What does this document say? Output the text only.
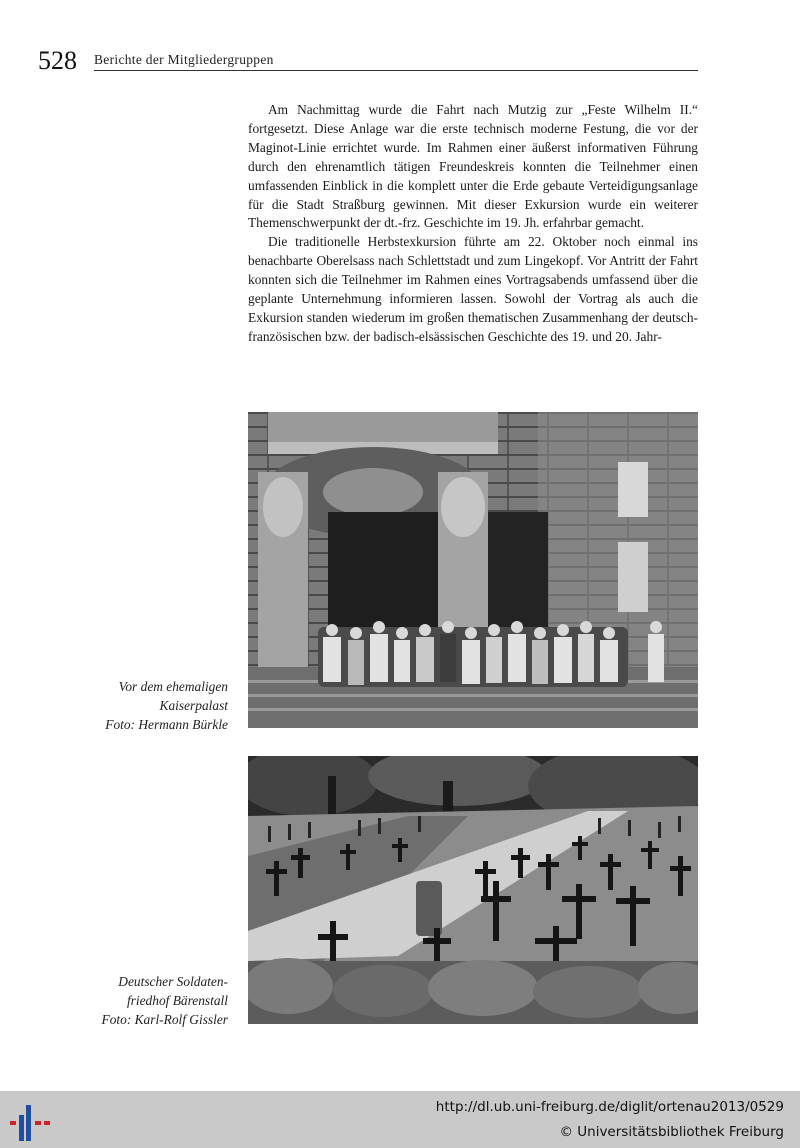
528 Berichte der Mitgliedergruppen

Am Nachmittag wurde die Fahrt nach Mutzig zur „Feste Wilhelm II.“ fortgesetzt. Diese Anlage war die erste technisch moderne Festung, die vor der Maginot-Linie errichtet wurde. Im Rahmen einer äußerst informativen Führung durch den ehrenamtlich tätigen Freundeskreis konnten die Teilnehmer einen umfassenden Einblick in die komplett unter die Erde gebaute Verteidigungsanlage für die Stadt Straßburg gewinnen. Mit dieser Exkursion wurde ein weiterer Themenschwerpunkt der dt.-frz. Geschichte im 19. Jh. erfahrbar gemacht.

Die traditionelle Herbstexkursion führte am 22. Oktober noch einmal ins benachbarte Oberelsass nach Schlettstadt und zum Lingekopf. Vor Antritt der Fahrt konnten sich die Teilnehmer im Rahmen eines Vortragsabends umfassend über die geplante Unternehmung informieren lassen. Sowohl der Vortrag als auch die Exkursion standen wiederum im großen thematischen Zusammenhang der deutsch-französischen bzw. der badisch-elsässischen Geschichte des 19. und 20. Jahr-

Vor dem ehemaligen
Kaiserpalast
Foto: Hermann Bürkle
Deutscher Soldaten-
friedhof Bärenstall
Foto: Karl-Rolf Gissler
http://dl.ub.uni-freiburg.de/diglit/ortenau2013/0529
© Universitätsbibliothek Freiburg
